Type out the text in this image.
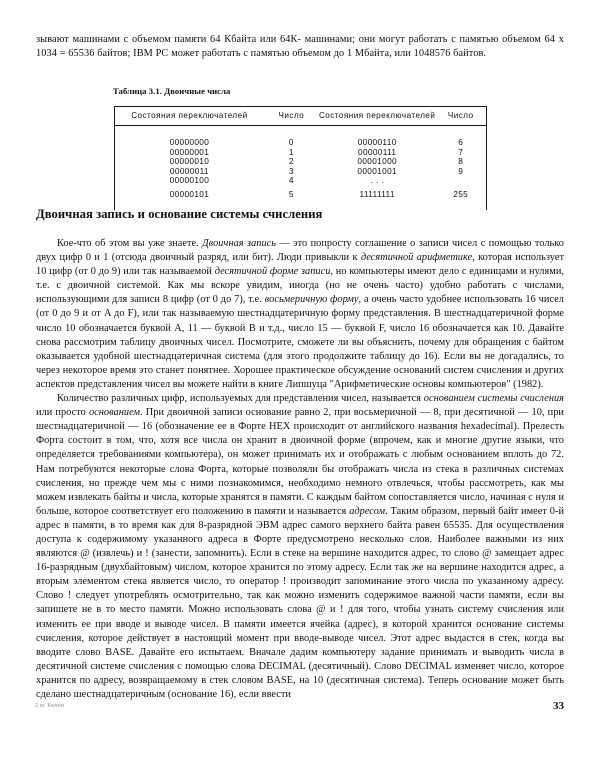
зывают машинами с объемом памяти 64 Кбайта или 64К- машинами; они могут работать с памятью объемом 64 х 1034 = 65536 байтов; IBM PC может работать с памятью объемом до 1 Мбайта, или 1048576 байтов.
Таблица 3.1. Двоичные числа
Состояния переключателей	Число	Состояния переключателей	Число

00000000	0	00000110	6
00000001	1	00000111	7
00000010	2	00001000	8
00000011	3	00001001	9
00000100	4	. . .	
00000101	5	11111111	255

Двоичная запись и основание системы счисления

Кое-что об этом вы уже знаете. Двоичная запись — это попросту соглашение о записи чисел с помощью только двух цифр 0 и 1 (отсюда двоичный разряд, или бит). Люди привыкли к десятичной арифметике, которая использует 10 цифр (от 0 до 9) или так называемой десятичной форме записи, но компьютеры имеют дело с единицами и нулями, т.е. с двоичной системой. Как мы вскоре увидим, иногда (но не очень часто) удобно работать с числами, использующими для записи 8 цифр (от 0 до 7), т.е. восьмеричную форму, а очень часто удобнее использовать 16 чисел (от 0 до 9 и от A до F), или так называемую шестнадцатеричную форму представления. В шестнадцатеричной форме число 10 обозначается буквой A, 11 — буквой B и т.д., число 15 — буквой F, число 16 обозначается как 10. Давайте снова рассмотрим таблицу двоичных чисел. Посмотрите, сможете ли вы объяснить, почему для обращения с байтом оказывается удобной шестнадцатеричная система (для этого продолжите таблицу до 16). Если вы не догадались, то через некоторое время это станет понятнее. Хорошее практическое обсуждение оснований систем счисления и других аспектов представления чисел вы можете найти в книге Липшуца "Арифметические основы компьютеров" (1982).

Количество различных цифр, используемых для представления чисел, называется основанием системы счисления или просто основанием. При двоичной записи основание равно 2, при восьмеричной — 8, при десятичной — 10, при шестнадцатеричной — 16 (обозначение ее в Форте HEX происходит от английского названия hexadecimal). Прелесть Форта состоит в том, что, хотя все числа он хранит в двоичной форме (впрочем, как и многие другие языки, что определяется требованиями компьютера), он может принимать их и отображать с любым основанием вплоть до 72. Нам потребуются некоторые слова Форта, которые позволяли бы отображать числа из стека в различных системах счисления, но прежде чем мы с ними познакомимся, необходимо немного отвлечься, чтобы рассмотреть, как мы можем извлекать байты и числа, которые хранятся в памяти. С каждым байтом сопоставляется число, начиная с нуля и больше, которое соответствует его положению в памяти и называется адресом. Таким образом, первый байт имеет 0-й адрес в памяти, в то время как для 8-разрядной ЭВМ адрес самого верхнего байта равен 65535. Для осуществления доступа к содержимому указанного адреса в Форте предусмотрено несколько слов. Наиболее важными из них являются @ (извлечь) и ! (занести, запомнить). Если в стеке на вершине находится адрес, то слово @ замещает адрес 16-разрядным (двухбайтовым) числом, которое хранится по этому адресу. Если так же на вершине находится адрес, а вторым элементом стека является число, то оператор ! производит запоминание этого числа по указанному адресу. Слово ! следует употреблять осмотрительно, так как можно изменить содержимое важной части памяти, если вы запишете не в то место памяти. Можно использовать слова @ и ! для того, чтобы узнать систему счисления или изменить ее при вводе и выводе чисел. В памяти имеется ячейка (адрес), в которой хранится основание системы счисления, которое действует в настоящий момент при вводе-выводе чисел. Этот адрес выдастся в стек, когда вы вводите слово BASE. Давайте его испытаем. Вначале дадим компьютеру задание принимать и выводить числа в десятичной системе счисления с помощью слова DECIMAL (десятичный). Слово DECIMAL изменяет число, которое хранится по адресу, возвращаемому в стек словом BASE, на 10 (десятичная система). Теперь основание может быть сделано шестнадцатеричным (основание 16), если ввести

33
2 м. Келли
